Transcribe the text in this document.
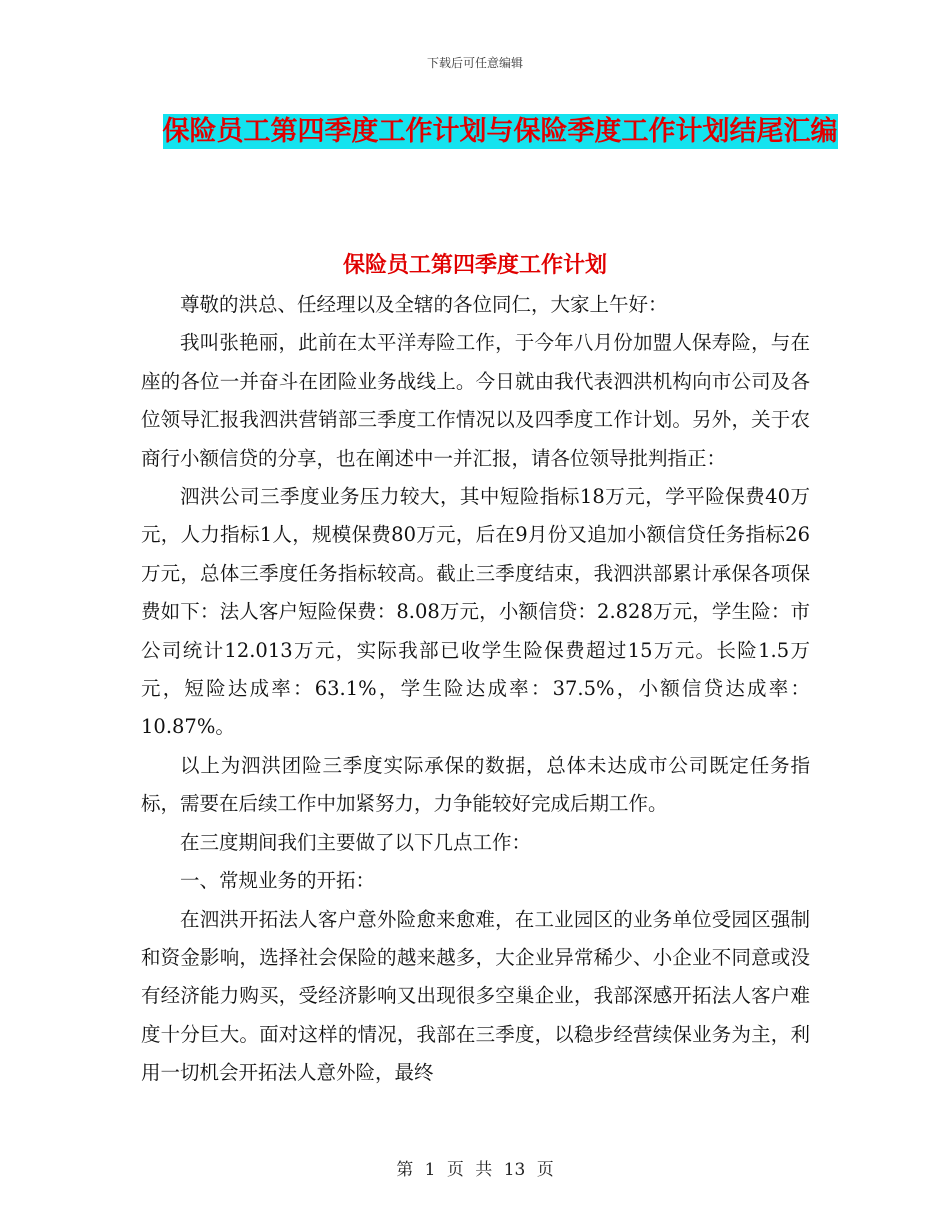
下载后可任意编辑
保险员工第四季度工作计划与保险季度工作计划结尾汇编
保险员工第四季度工作计划

尊敬的洪总、任经理以及全辖的各位同仁，大家上午好：

我叫张艳丽，此前在太平洋寿险工作，于今年八月份加盟人保寿险，与在座的各位一并奋斗在团险业务战线上。今日就由我代表泗洪机构向市公司及各位领导汇报我泗洪营销部三季度工作情况以及四季度工作计划。另外，关于农商行小额信贷的分享，也在阐述中一并汇报，请各位领导批判指正：

泗洪公司三季度业务压力较大，其中短险指标18万元，学平险保费40万元，人力指标1人，规模保费80万元，后在9月份又追加小额信贷任务指标26万元，总体三季度任务指标较高。截止三季度结束，我泗洪部累计承保各项保费如下：法人客户短险保费：8.08万元，小额信贷：2.828万元，学生险：市公司统计12.013万元，实际我部已收学生险保费超过15万元。长险1.5万元，短险达成率：63.1%，学生险达成率：37.5%，小额信贷达成率：10.87%。

以上为泗洪团险三季度实际承保的数据，总体未达成市公司既定任务指标，需要在后续工作中加紧努力，力争能较好完成后期工作。

在三度期间我们主要做了以下几点工作：

一、常规业务的开拓：

在泗洪开拓法人客户意外险愈来愈难，在工业园区的业务单位受园区强制和资金影响，选择社会保险的越来越多，大企业异常稀少、小企业不同意或没有经济能力购买，受经济影响又出现很多空巢企业，我部深感开拓法人客户难度十分巨大。面对这样的情况，我部在三季度，以稳步经营续保业务为主，利用一切机会开拓法人意外险，最终

第 1 页 共 13 页
